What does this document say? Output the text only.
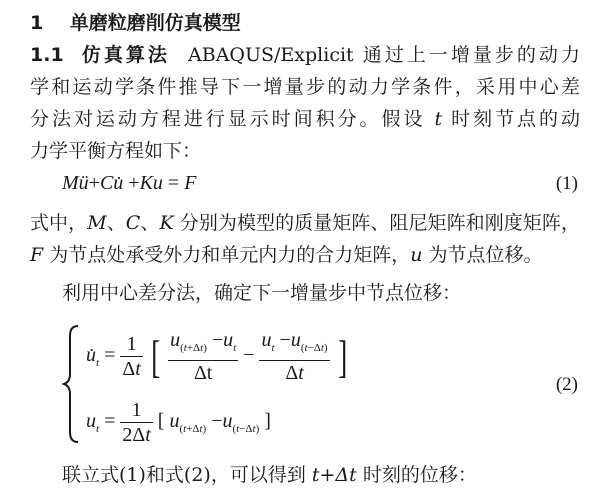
1 单磨粒磨削仿真模型
1.1 仿真算法 ABAQUS/Explicit 通过上一增量步的动力
学和运动学条件推导下一增量步的动力学条件，采用中心差
分法对运动方程进行显示时间积分。假设 t 时刻节点的动
力学平衡方程如下：
Mü+Cu̇ +Ku = F	(1)
式中，M、C、K 分别为模型的质量矩阵、阻尼矩阵和刚度矩阵，
F 为节点处承受外力和单元内力的合力矩阵，u 为节点位移。
利用中心差分法，确定下一增量步中节点位移：
$u̇_t = \frac{1}{\Delta t}$ [ $\frac{u_{(t+\Delta t)} -u_t}{\Delta t} - \frac{u_t -u_{(t-\Delta t)}}{\Delta t}$ ]
$u_t = \frac{1}{2\Delta t}$ [ $u_{(t+\Delta t)} -u_{(t-\Delta t)}$ ]
(2)
联立式(1)和式(2)，可以得到 t+Δt 时刻的位移：
